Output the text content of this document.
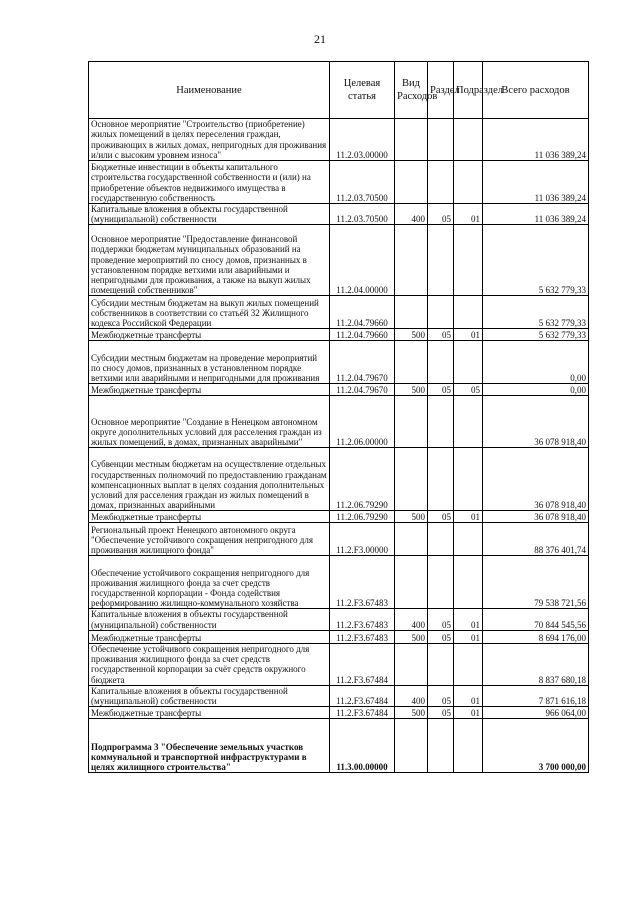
21
Наименование	Целевая статья	Вид Расходов	Раздел	Подраздел	Всего расходов
Основное мероприятие "Строительство (приобретение) жилых помещений в целях переселения граждан, проживающих в жилых домах, непригодных для проживания и/или с высоким уровнем износа"	11.2.03.00000				11 036 389,24
Бюджетные инвестиции в объекты капитального строительства государственной собственности и (или) на приобретение объектов недвижимого имущества в государственную собственность	11.2.03.70500				11 036 389,24
Капитальные вложения в объекты государственной (муниципальной) собственности	11.2.03.70500	400	05	01	11 036 389,24
Основное мероприятие "Предоставление финансовой поддержки бюджетам муниципальных образований на проведение мероприятий по сносу домов, признанных в установленном порядке ветхими или аварийными и непригодными для проживания, а также на выкуп жилых помещений собственников"	11.2.04.00000				5 632 779,33
Субсидии местным бюджетам на выкуп жилых помещений собственников в соответствии со статьёй 32 Жилищного кодекса Российской Федерации	11.2.04.79660				5 632 779,33
Межбюджетные трансферты	11.2.04.79660	500	05	01	5 632 779,33
Субсидии местным бюджетам на проведение мероприятий по сносу домов, признанных в установленном порядке ветхими или аварийными и непригодными для проживания	11.2.04.79670				0,00
Межбюджетные трансферты	11.2.04.79670	500	05	05	0,00
Основное мероприятие "Создание в Ненецком автономном округе дополнительных условий для расселения граждан из жилых помещений, в домах, признанных аварийными"	11.2.06.00000				36 078 918,40
Субвенции местным бюджетам на осуществление отдельных государственных полномочий по предоставлению гражданам компенсационных выплат в целях создания дополнительных условий для расселения граждан из жилых помещений в домах, признанных аварийными	11.2.06.79290				36 078 918,40
Межбюджетные трансферты	11.2.06.79290	500	05	01	36 078 918,40
Региональный проект Ненецкого автономного округа "Обеспечение устойчивого сокращения непригодного для проживания жилищного фонда"	11.2.F3.00000				88 376 401,74
Обеспечение устойчивого сокращения непригодного для проживания жилищного фонда за счет средств государственной корпорации - Фонда содействия реформированию жилищно-коммунального хозяйства	11.2.F3.67483				79 538 721,56
Капитальные вложения в объекты государственной (муниципальной) собственности	11.2.F3.67483	400	05	01	70 844 545,56
Межбюджетные трансферты	11.2.F3.67483	500	05	01	8 694 176,00
Обеспечение устойчивого сокращения непригодного для проживания жилищного фонда за счет средств государственной корпорации за счёт средств окружного бюджета	11.2.F3.67484				8 837 680,18
Капитальные вложения в объекты государственной (муниципальной) собственности	11.2.F3.67484	400	05	01	7 871 616,18
Межбюджетные трансферты	11.2.F3.67484	500	05	01	966 064,00
Подпрограмма 3 "Обеспечение земельных участков коммунальной и транспортной инфраструктурами в целях жилищного строительства"	11.3.00.00000				3 700 000,00
